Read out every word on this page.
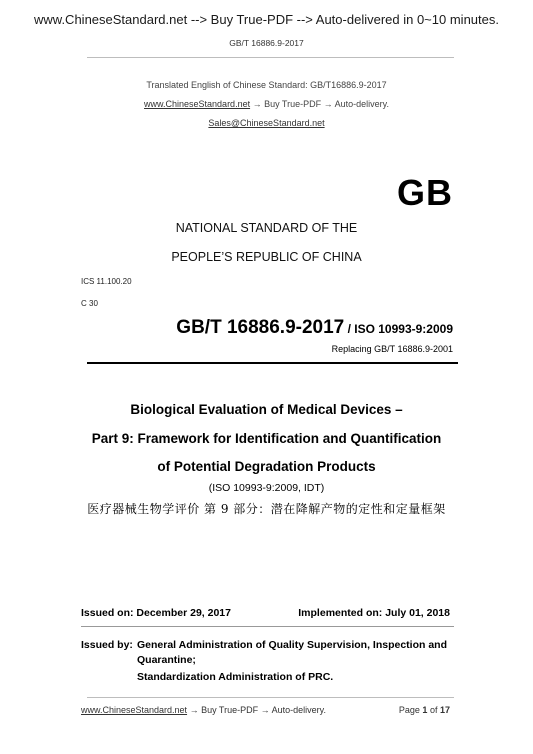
www.ChineseStandard.net --> Buy True-PDF --> Auto-delivered in 0~10 minutes.
GB/T 16886.9-2017
Translated English of Chinese Standard: GB/T16886.9-2017
www.ChineseStandard.net → Buy True-PDF → Auto-delivery.
Sales@ChineseStandard.net
GB
NATIONAL STANDARD OF THE
PEOPLE’S REPUBLIC OF CHINA
ICS 11.100.20
C 30
GB/T 16886.9-2017 / ISO 10993-9:2009
Replacing GB/T 16886.9-2001
Biological Evaluation of Medical Devices –
Part 9: Framework for Identification and Quantification
of Potential Degradation Products
(ISO 10993-9:2009, IDT)
医疗器械生物学评价 第 9 部分：潜在降解产物的定性和定量框架
Issued on: December 29, 2017	Implemented on: July 01, 2018
Issued by: General Administration of Quality Supervision, Inspection and
Quarantine;
Standardization Administration of PRC.
www.ChineseStandard.net → Buy True-PDF → Auto-delivery.	Page 1 of 17
